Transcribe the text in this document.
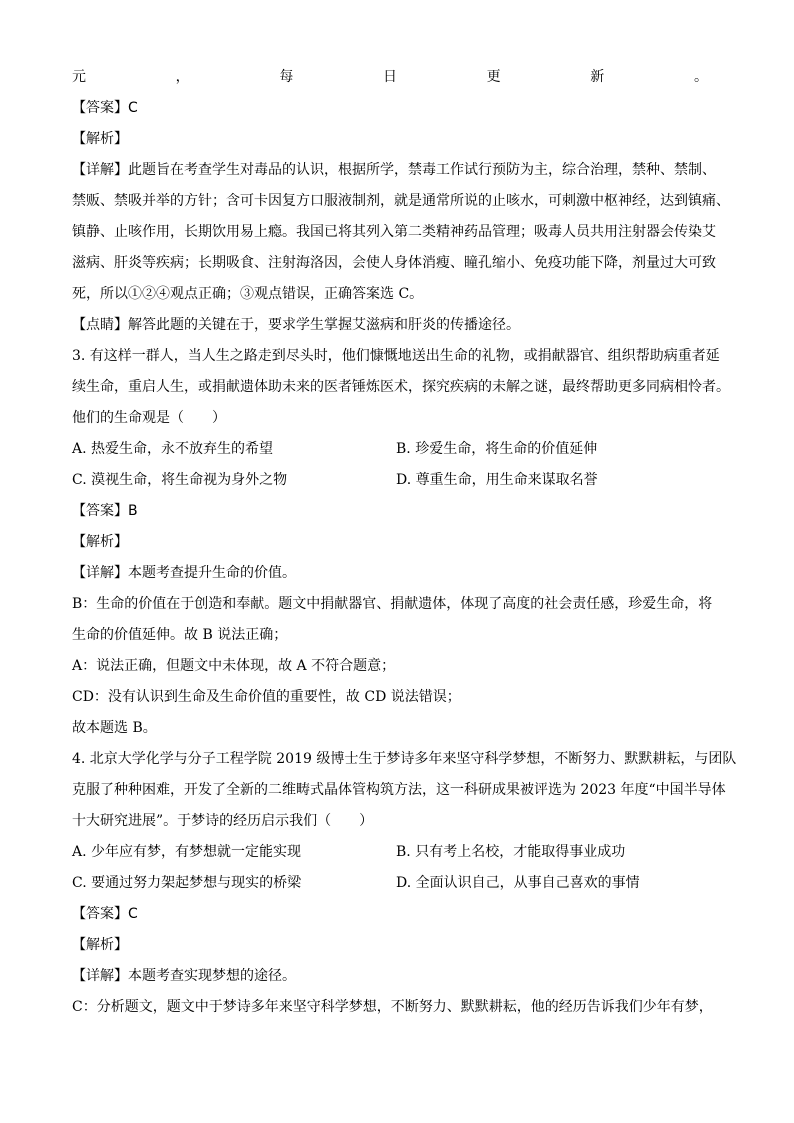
元	，	每	日	更	新	。
【答案】C
【解析】
【详解】此题旨在考查学生对毒品的认识，根据所学，禁毒工作试行预防为主，综合治理，禁种、禁制、
禁贩、禁吸并举的方针；含可卡因复方口服液制剂，就是通常所说的止咳水，可刺激中枢神经，达到镇痛、
镇静、止咳作用，长期饮用易上瘾。我国已将其列入第二类精神药品管理；吸毒人员共用注射器会传染艾
滋病、肝炎等疾病；长期吸食、注射海洛因，会使人身体消瘦、瞳孔缩小、免疫功能下降，剂量过大可致
死，所以①②④观点正确；③观点错误，正确答案选 C。
【点睛】解答此题的关键在于，要求学生掌握艾滋病和肝炎的传播途径。
3. 有这样一群人，当人生之路走到尽头时，他们慷慨地送出生命的礼物，或捐献器官、组织帮助病重者延
续生命，重启人生，或捐献遗体助未来的医者锤炼医术，探究疾病的未解之谜，最终帮助更多同病相怜者。
他们的生命观是（　　）
A. 热爱生命，永不放弃生的希望	B. 珍爱生命，将生命的价值延伸
C. 漠视生命，将生命视为身外之物	D. 尊重生命，用生命来谋取名誉
【答案】B
【解析】
【详解】本题考查提升生命的价值。
B：生命的价值在于创造和奉献。题文中捐献器官、捐献遗体，体现了高度的社会责任感，珍爱生命，将
生命的价值延伸。故 B 说法正确；
A：说法正确，但题文中未体现，故 A 不符合题意；
CD：没有认识到生命及生命价值的重要性，故 CD 说法错误；
故本题选 B。
4. 北京大学化学与分子工程学院 2019 级博士生于梦诗多年来坚守科学梦想，不断努力、默默耕耘，与团队
克服了种种困难，开发了全新的二维畴式晶体管构筑方法，这一科研成果被评选为 2023 年度“中国半导体
十大研究进展”。于梦诗的经历启示我们（　　）
A. 少年应有梦，有梦想就一定能实现	B. 只有考上名校，才能取得事业成功
C. 要通过努力架起梦想与现实的桥梁	D. 全面认识自己，从事自己喜欢的事情
【答案】C
【解析】
【详解】本题考查实现梦想的途径。
C：分析题文，题文中于梦诗多年来坚守科学梦想，不断努力、默默耕耘，他的经历告诉我们少年有梦，
